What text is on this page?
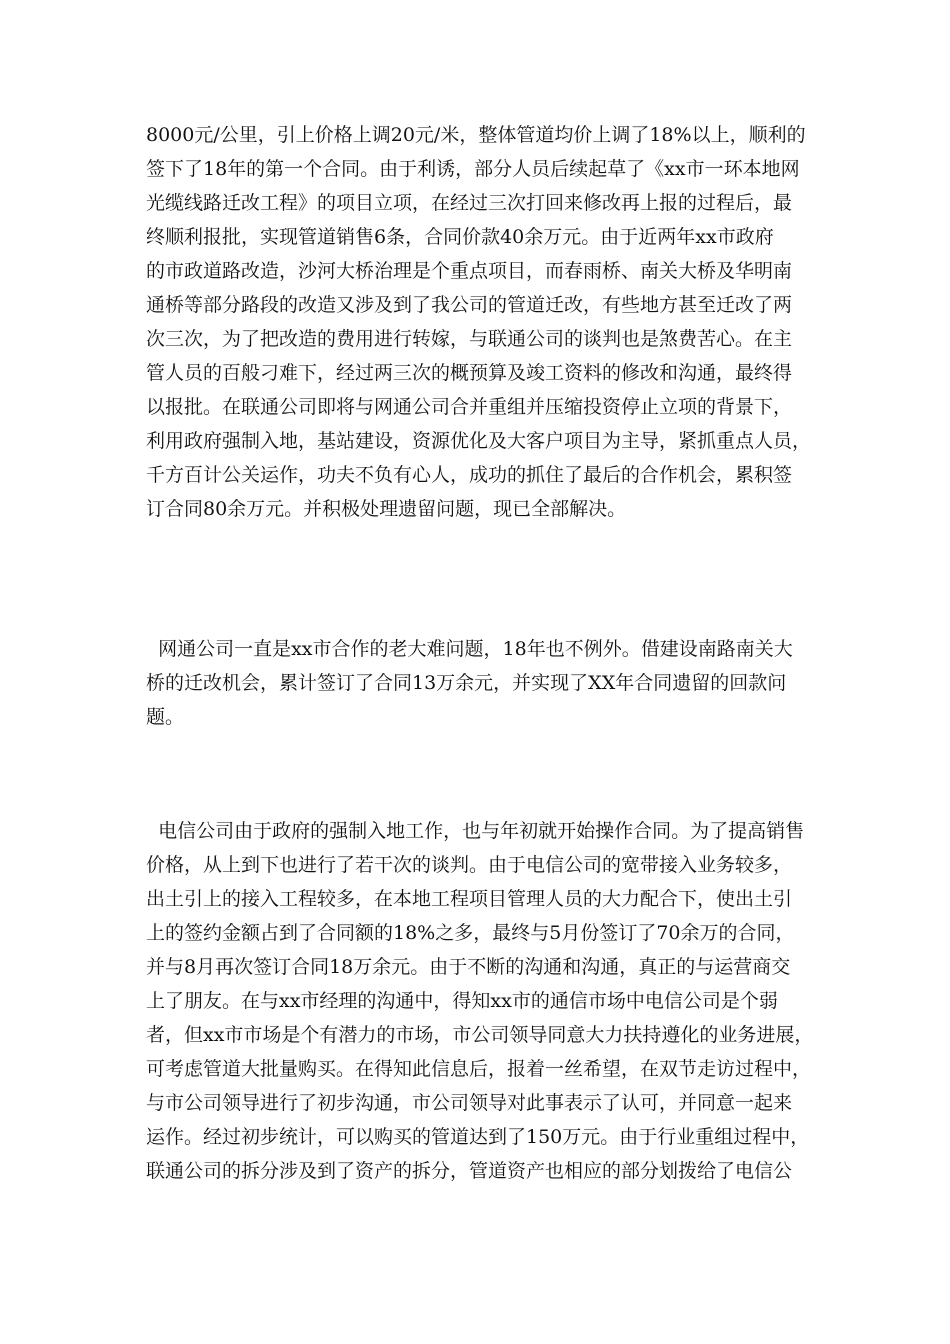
8000元/公里，引上价格上调20元/米，整体管道均价上调了18%以上，顺利的
签下了18年的第一个合同。由于利诱，部分人员后续起草了《xx市一环本地网
光缆线路迁改工程》的项目立项，在经过三次打回来修改再上报的过程后，最
终顺利报批，实现管道销售6条，合同价款40余万元。由于近两年xx市政府
的市政道路改造，沙河大桥治理是个重点项目，而春雨桥、南关大桥及华明南
通桥等部分路段的改造又涉及到了我公司的管道迁改，有些地方甚至迁改了两
次三次，为了把改造的费用进行转嫁，与联通公司的谈判也是煞费苦心。在主
管人员的百般刁难下，经过两三次的概预算及竣工资料的修改和沟通，最终得
以报批。在联通公司即将与网通公司合并重组并压缩投资停止立项的背景下，
利用政府强制入地，基站建设，资源优化及大客户项目为主导，紧抓重点人员，
千方百计公关运作，功夫不负有心人，成功的抓住了最后的合作机会，累积签
订合同80余万元。并积极处理遗留问题，现已全部解决。
网通公司一直是xx市合作的老大难问题，18年也不例外。借建设南路南关大
桥的迁改机会，累计签订了合同13万余元，并实现了XX年合同遗留的回款问
题。
电信公司由于政府的强制入地工作，也与年初就开始操作合同。为了提高销售
价格，从上到下也进行了若干次的谈判。由于电信公司的宽带接入业务较多，
出土引上的接入工程较多，在本地工程项目管理人员的大力配合下，使出土引
上的签约金额占到了合同额的18%之多，最终与5月份签订了70余万的合同，
并与8月再次签订合同18万余元。由于不断的沟通和沟通，真正的与运营商交
上了朋友。在与xx市经理的沟通中，得知xx市的通信市场中电信公司是个弱
者，但xx市市场是个有潜力的市场，市公司领导同意大力扶持遵化的业务进展，
可考虑管道大批量购买。在得知此信息后，报着一丝希望，在双节走访过程中，
与市公司领导进行了初步沟通，市公司领导对此事表示了认可，并同意一起来
运作。经过初步统计，可以购买的管道达到了150万元。由于行业重组过程中，
联通公司的拆分涉及到了资产的拆分，管道资产也相应的部分划拨给了电信公
